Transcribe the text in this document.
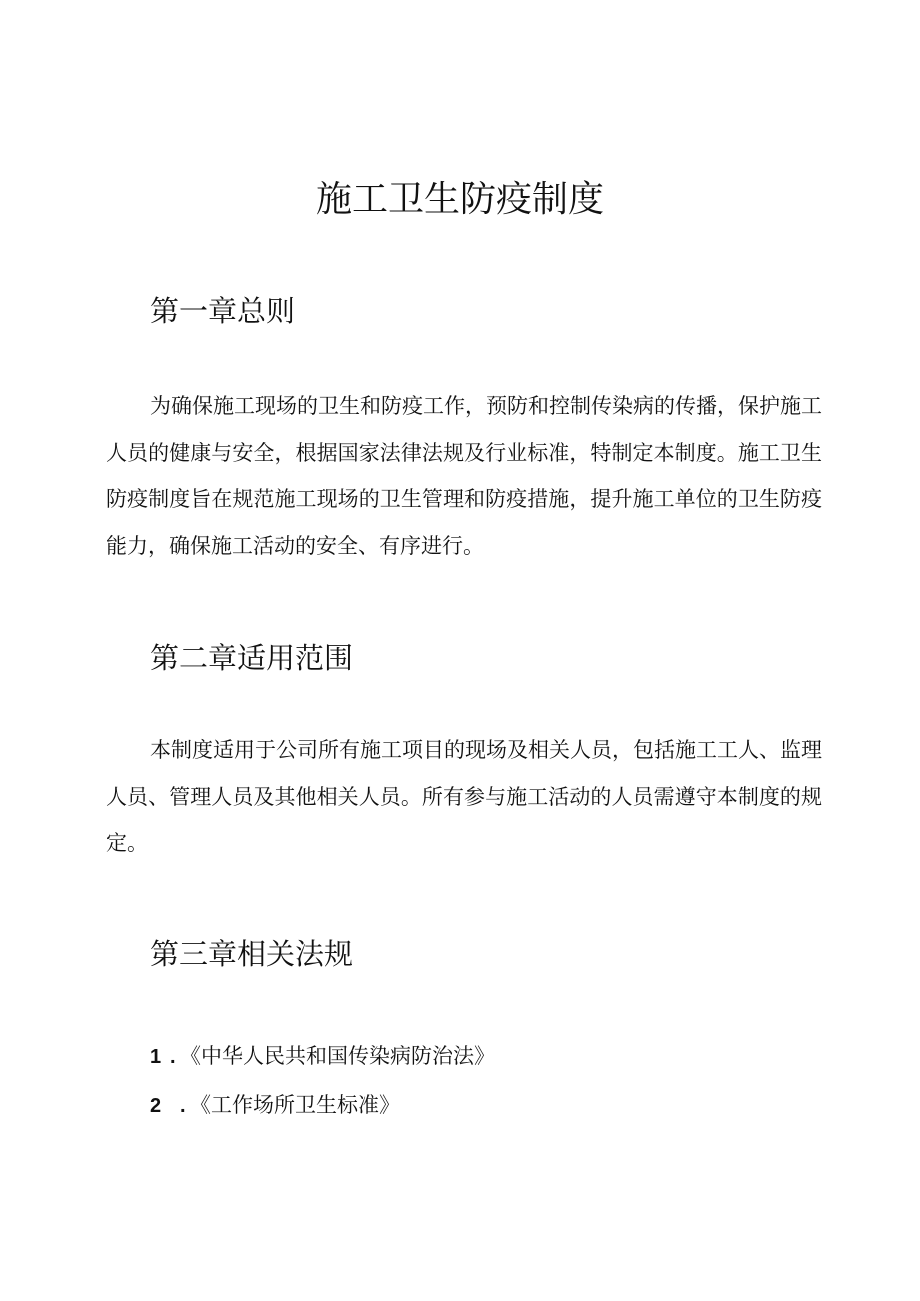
施工卫生防疫制度
第一章总则

为确保施工现场的卫生和防疫工作，预防和控制传染病的传播，保护施工人员的健康与安全，根据国家法律法规及行业标准，特制定本制度。施工卫生防疫制度旨在规范施工现场的卫生管理和防疫措施，提升施工单位的卫生防疫能力，确保施工活动的安全、有序进行。

第二章适用范围

本制度适用于公司所有施工项目的现场及相关人员，包括施工工人、监理人员、管理人员及其他相关人员。所有参与施工活动的人员需遵守本制度的规定。

第三章相关法规
1 . 《中华人民共和国传染病防治法》
2 . 《工作场所卫生标准》
